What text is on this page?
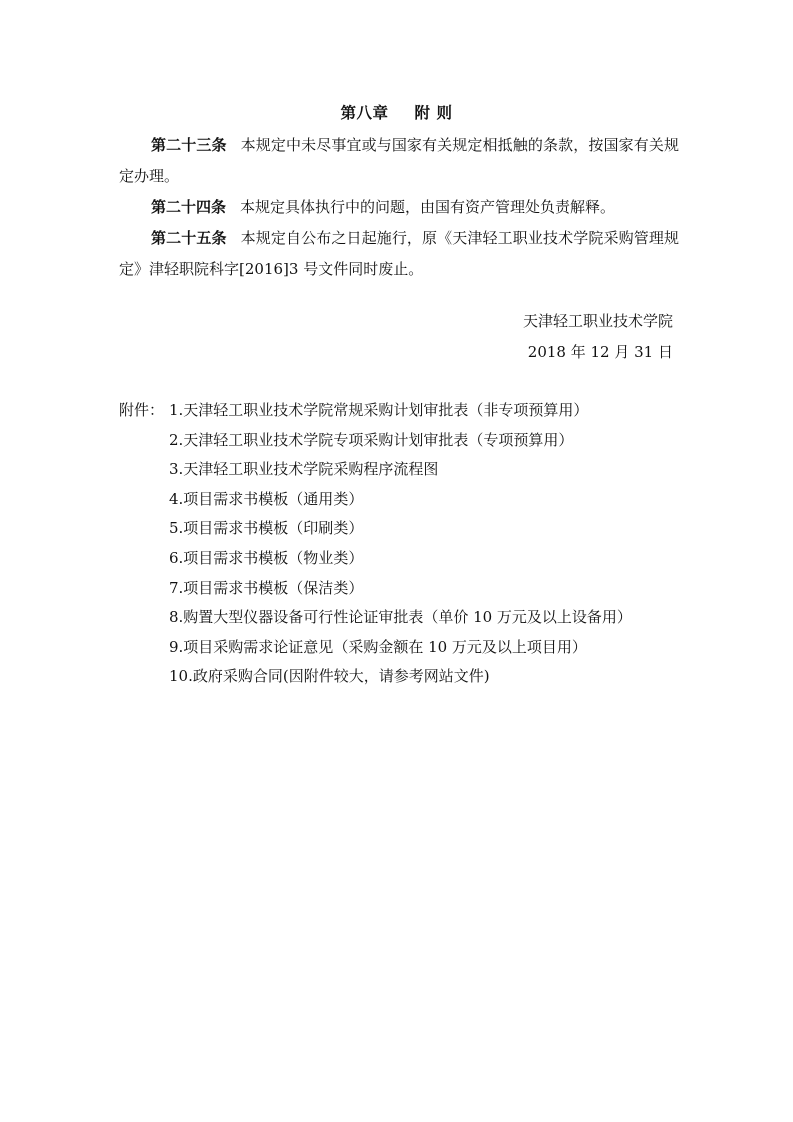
第八章 附 则
第二十三条 本规定中未尽事宜或与国家有关规定相抵触的条款，按国家有关规定办理。
第二十四条 本规定具体执行中的问题，由国有资产管理处负责解释。
第二十五条 本规定自公布之日起施行，原《天津轻工职业技术学院采购管理规定》津轻职院科字[2016]3 号文件同时废止。
天津轻工职业技术学院
2018 年 12 月 31 日
附件： 1.天津轻工职业技术学院常规采购计划审批表（非专项预算用）
2.天津轻工职业技术学院专项采购计划审批表（专项预算用）
3.天津轻工职业技术学院采购程序流程图
4.项目需求书模板（通用类）
5.项目需求书模板（印刷类）
6.项目需求书模板（物业类）
7.项目需求书模板（保洁类）
8.购置大型仪器设备可行性论证审批表（单价 10 万元及以上设备用）
9.项目采购需求论证意见（采购金额在 10 万元及以上项目用）
10.政府采购合同(因附件较大，请参考网站文件)
